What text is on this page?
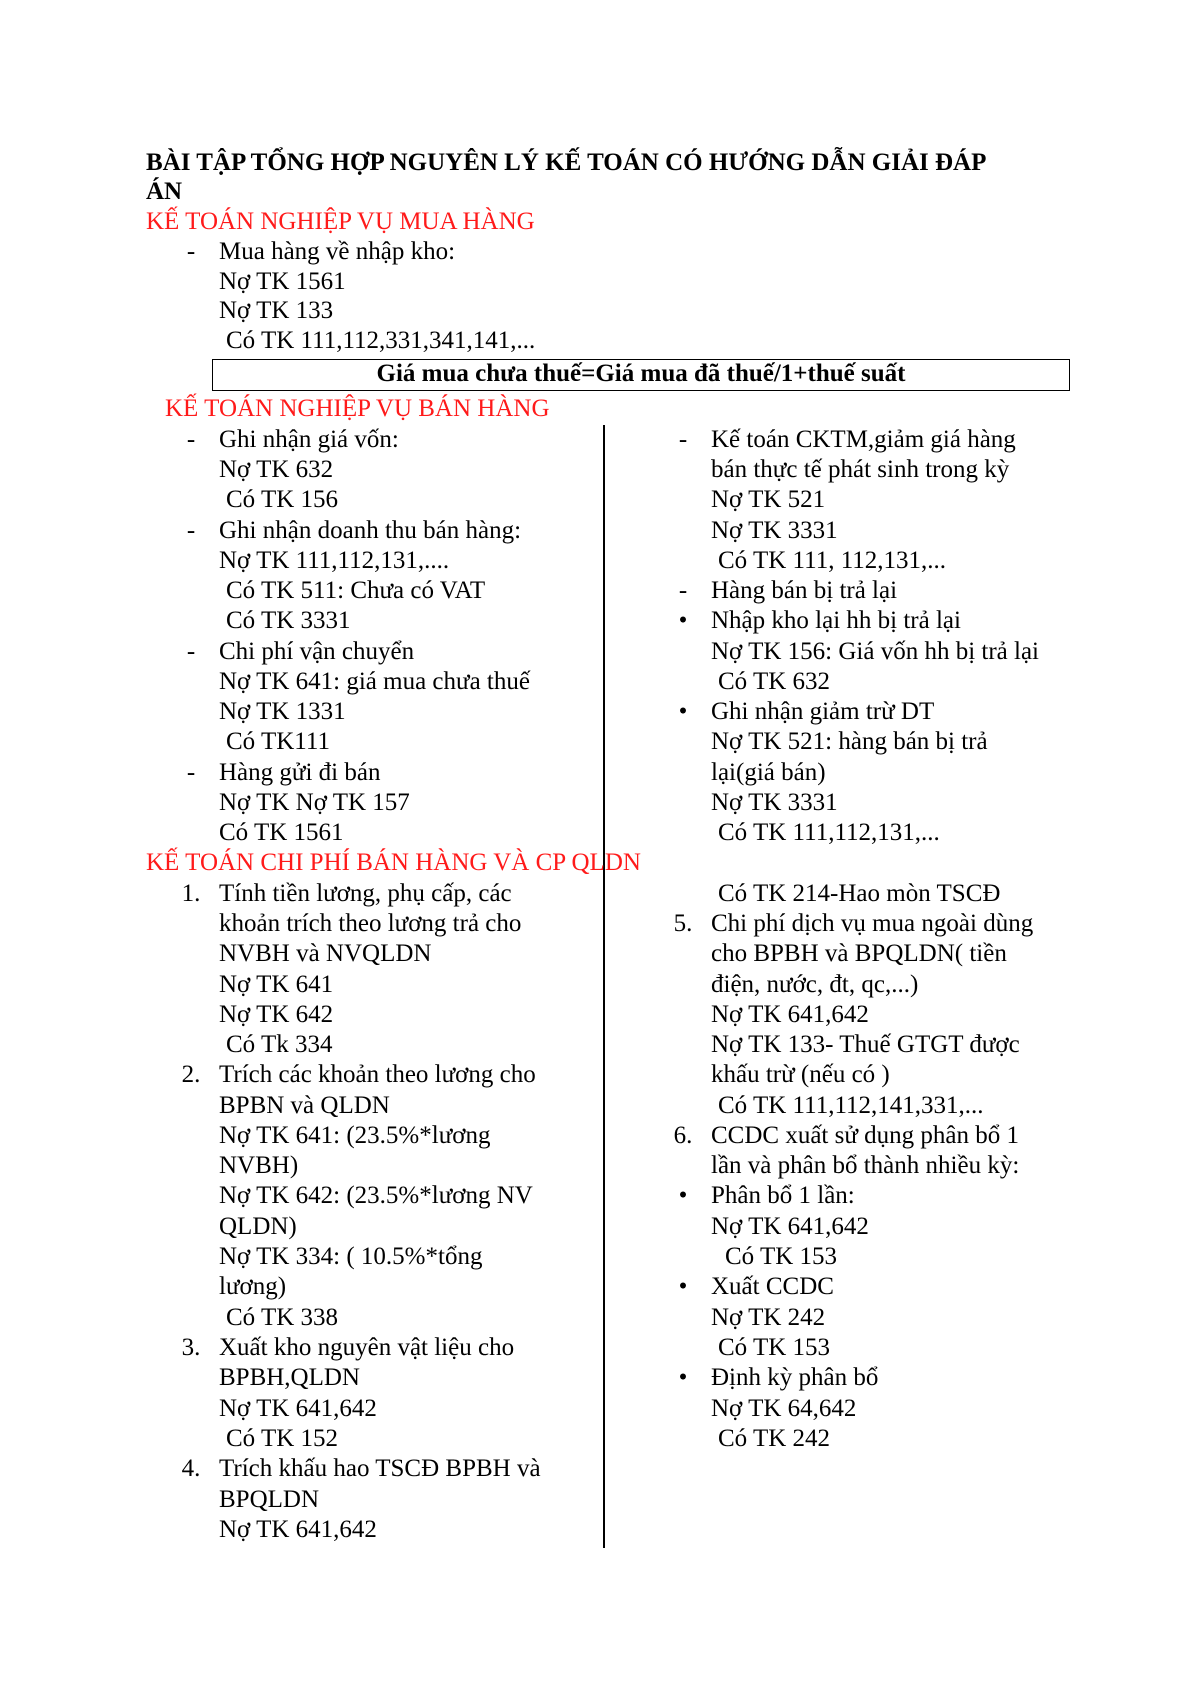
BÀI TẬP TỔNG HỢP NGUYÊN LÝ KẾ TOÁN CÓ HƯỚNG DẪN GIẢI ĐÁP
ÁN
KẾ TOÁN NGHIỆP VỤ MUA HÀNG
- Mua hàng về nhập kho:
Nợ TK 1561
Nợ TK 133
Có TK 111,112,331,341,141,...
Giá mua chưa thuế=Giá mua đã thuế/1+thuế suất
KẾ TOÁN NGHIỆP VỤ BÁN HÀNG
- Ghi nhận giá vốn:
Nợ TK 632
Có TK 156
- Ghi nhận doanh thu bán hàng:
Nợ TK 111,112,131,....
Có TK 511: Chưa có VAT
Có TK 3331
- Chi phí vận chuyển
Nợ TK 641: giá mua chưa thuế
Nợ TK 1331
Có TK111
- Hàng gửi đi bán
Nợ TK Nợ TK 157
Có TK 1561
- Kế toán CKTM,giảm giá hàng
bán thực tế phát sinh trong kỳ
Nợ TK 521
Nợ TK 3331
Có TK 111, 112,131,...
- Hàng bán bị trả lại
• Nhập kho lại hh bị trả lại
Nợ TK 156: Giá vốn hh bị trả lại
Có TK 632
• Ghi nhận giảm trừ DT
Nợ TK 521: hàng bán bị trả
lại(giá bán)
Nợ TK 3331
Có TK 111,112,131,...
KẾ TOÁN CHI PHÍ BÁN HÀNG VÀ CP QLDN
1. Tính tiền lương, phụ cấp, các
khoản trích theo lương trả cho
NVBH và NVQLDN
Nợ TK 641
Nợ TK 642
Có Tk 334
2. Trích các khoản theo lương cho
BPBN và QLDN
Nợ TK 641: (23.5%*lương
NVBH)
Nợ TK 642: (23.5%*lương NV
QLDN)
Nợ TK 334: ( 10.5%*tổng
lương)
Có TK 338
3. Xuất kho nguyên vật liệu cho
BPBH,QLDN
Nợ TK 641,642
Có TK 152
4. Trích khấu hao TSCĐ BPBH và
BPQLDN
Nợ TK 641,642
Có TK 214-Hao mòn TSCĐ
5. Chi phí dịch vụ mua ngoài dùng
cho BPBH và BPQLDN( tiền
điện, nước, đt, qc,...)
Nợ TK 641,642
Nợ TK 133- Thuế GTGT được
khấu trừ (nếu có )
Có TK 111,112,141,331,...
6. CCDC xuất sử dụng phân bổ 1
lần và phân bổ thành nhiều kỳ:
• Phân bổ 1 lần:
Nợ TK 641,642
Có TK 153
• Xuất CCDC
Nợ TK 242
Có TK 153
• Định kỳ phân bổ
Nợ TK 64,642
Có TK 242
